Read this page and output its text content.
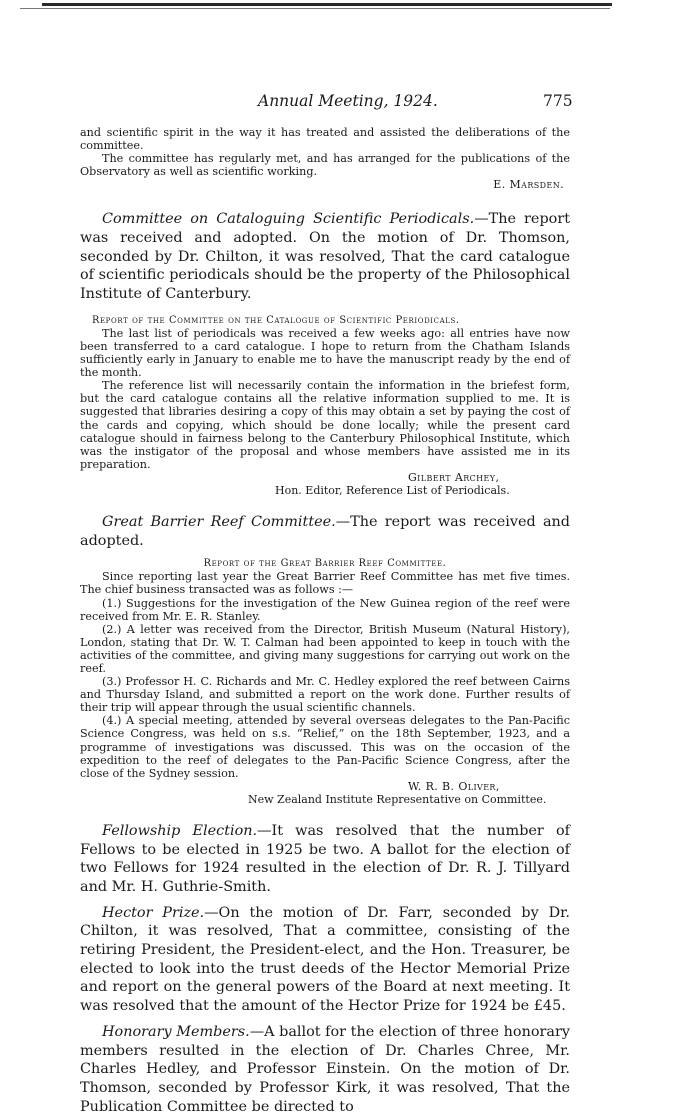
Annual Meeting, 1924.	775

and scientific spirit in the way it has treated and assisted the deliberations of the committee.

The committee has regularly met, and has arranged for the publications of the Observatory as well as scientific working.

E. Marsden.

Committee on Cataloguing Scientific Periodicals.—The report was received and adopted. On the motion of Dr. Thomson, seconded by Dr. Chilton, it was resolved, That the card catalogue of scientific periodicals should be the property of the Philosophical Institute of Canterbury.

Report of the Committee on the Catalogue of Scientific Periodicals.

The last list of periodicals was received a few weeks ago: all entries have now been transferred to a card catalogue. I hope to return from the Chatham Islands sufficiently early in January to enable me to have the manuscript ready by the end of the month.

The reference list will necessarily contain the information in the briefest form, but the card catalogue contains all the relative information supplied to me. It is suggested that libraries desiring a copy of this may obtain a set by paying the cost of the cards and copying, which should be done locally; while the present card catalogue should in fairness belong to the Canterbury Philosophical Institute, which was the instigator of the proposal and whose members have assisted me in its preparation.

Gilbert Archey,

Hon. Editor, Reference List of Periodicals.

Great Barrier Reef Committee.—The report was received and adopted.

Report of the Great Barrier Reef Committee.

Since reporting last year the Great Barrier Reef Committee has met five times. The chief business transacted was as follows :—

(1.) Suggestions for the investigation of the New Guinea region of the reef were received from Mr. E. R. Stanley.

(2.) A letter was received from the Director, British Museum (Natural History), London, stating that Dr. W. T. Calman had been appointed to keep in touch with the activities of the committee, and giving many suggestions for carrying out work on the reef.

(3.) Professor H. C. Richards and Mr. C. Hedley explored the reef between Cairns and Thursday Island, and submitted a report on the work done. Further results of their trip will appear through the usual scientific channels.

(4.) A special meeting, attended by several overseas delegates to the Pan-Pacific Science Congress, was held on s.s. “Relief,” on the 18th September, 1923, and a programme of investigations was discussed. This was on the occasion of the expedition to the reef of delegates to the Pan-Pacific Science Congress, after the close of the Sydney session.

W. R. B. Oliver,

New Zealand Institute Representative on Committee.

Fellowship Election.—It was resolved that the number of Fellows to be elected in 1925 be two. A ballot for the election of two Fellows for 1924 resulted in the election of Dr. R. J. Tillyard and Mr. H. Guthrie-Smith.

Hector Prize.—On the motion of Dr. Farr, seconded by Dr. Chilton, it was resolved, That a committee, consisting of the retiring President, the President-elect, and the Hon. Treasurer, be elected to look into the trust deeds of the Hector Memorial Prize and report on the general powers of the Board at next meeting. It was resolved that the amount of the Hector Prize for 1924 be £45.

Honorary Members.—A ballot for the election of three honorary members resulted in the election of Dr. Charles Chree, Mr. Charles Hedley, and Professor Einstein. On the motion of Dr. Thomson, seconded by Professor Kirk, it was resolved, That the Publication Committee be directed to
